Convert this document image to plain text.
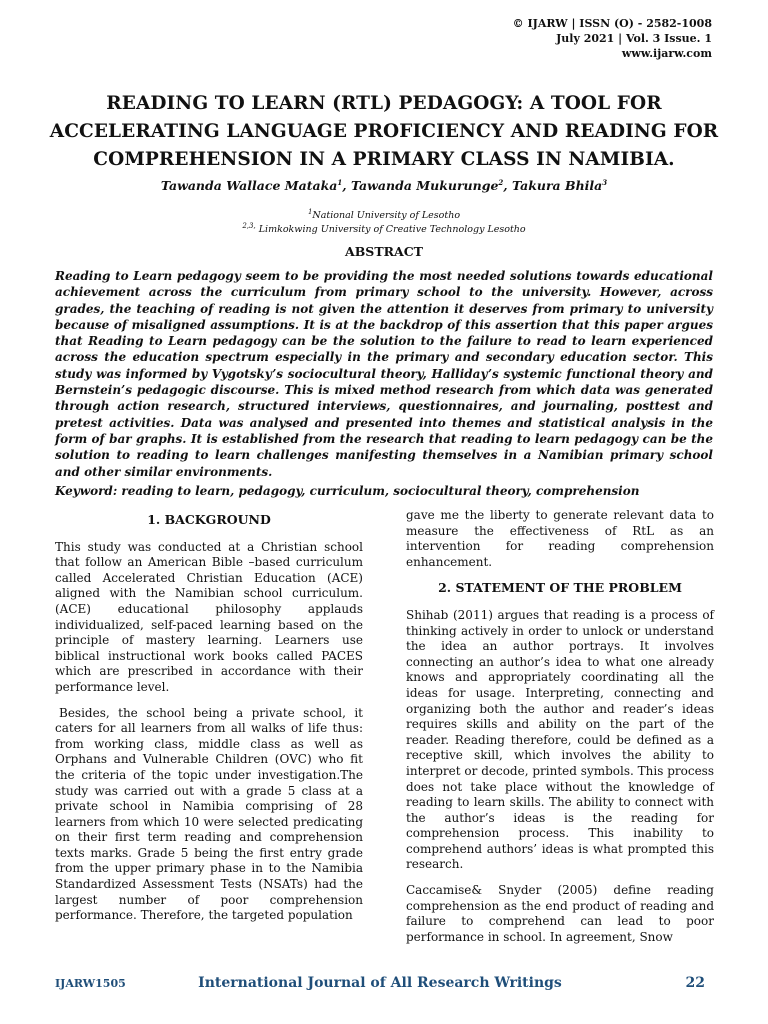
© IJARW | ISSN (O) - 2582-1008
July 2021 | Vol. 3 Issue. 1
www.ijarw.com
READING TO LEARN (RTL) PEDAGOGY: A TOOL FOR
ACCELERATING LANGUAGE PROFICIENCY AND READING FOR
COMPREHENSION IN A PRIMARY CLASS IN NAMIBIA.
Tawanda Wallace Mataka$^1$, Tawanda Mukurunge$^2$, Takura Bhila$^3$
$^1$National University of Lesotho
$^{2,3,}$ Limkokwing University of Creative Technology Lesotho
ABSTRACT

Reading to Learn pedagogy seem to be providing the most needed solutions towards educational achievement across the curriculum from primary school to the university. However, across grades, the teaching of reading is not given the attention it deserves from primary to university because of misaligned assumptions. It is at the backdrop of this assertion that this paper argues that Reading to Learn pedagogy can be the solution to the failure to read to learn experienced across the education spectrum especially in the primary and secondary education sector. This study was informed by Vygotsky’s sociocultural theory, Halliday’s systemic functional theory and Bernstein’s pedagogic discourse. This is mixed method research from which data was generated through action research, structured interviews, questionnaires, and journaling, posttest and pretest activities. Data was analysed and presented into themes and statistical analysis in the form of bar graphs. It is established from the research that reading to learn pedagogy can be the solution to reading to learn challenges manifesting themselves in a Namibian primary school and other similar environments.

Keyword: reading to learn, pedagogy, curriculum, sociocultural theory, comprehension

1. BACKGROUND

This study was conducted at a Christian school that follow an American Bible –based curriculum called Accelerated Christian Education (ACE) aligned with the Namibian school curriculum. (ACE) educational philosophy applauds individualized, self-paced learning based on the principle of mastery learning. Learners use biblical instructional work books called PACES which are prescribed in accordance with their performance level.

Besides, the school being a private school, it caters for all learners from all walks of life thus: from working class, middle class as well as Orphans and Vulnerable Children (OVC) who fit the criteria of the topic under investigation.The study was carried out with a grade 5 class at a private school in Namibia comprising of 28 learners from which 10 were selected predicating on their first term reading and comprehension texts marks. Grade 5 being the first entry grade from the upper primary phase in to the Namibia Standardized Assessment Tests (NSATs) had the largest number of poor comprehension performance. Therefore, the targeted population

gave me the liberty to generate relevant data to measure the effectiveness of RtL as an intervention for reading comprehension enhancement.

2. STATEMENT OF THE PROBLEM

Shihab (2011) argues that reading is a process of thinking actively in order to unlock or understand the idea an author portrays. It involves connecting an author’s idea to what one already knows and appropriately coordinating all the ideas for usage. Interpreting, connecting and organizing both the author and reader’s ideas requires skills and ability on the part of the reader. Reading therefore, could be defined as a receptive skill, which involves the ability to interpret or decode, printed symbols. This process does not take place without the knowledge of reading to learn skills. The ability to connect with the author’s ideas is the reading for comprehension process. This inability to comprehend authors’ ideas is what prompted this research.

Caccamise& Snyder (2005) define reading comprehension as the end product of reading and failure to comprehend can lead to poor performance in school. In agreement, Snow

IJARW1505	International Journal of All Research Writings	22
